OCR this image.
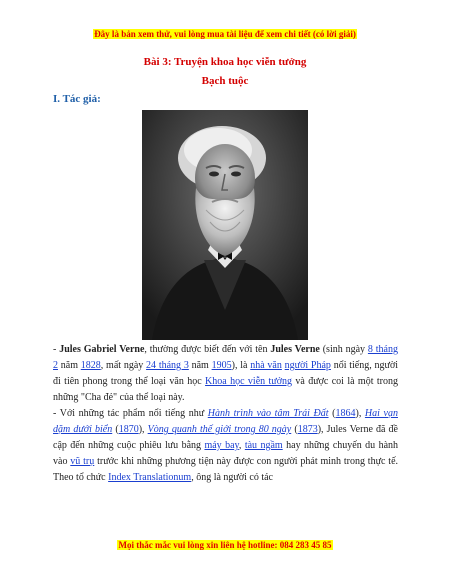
Đây là bản xem thử, vui lòng mua tài liệu để xem chi tiết (có lời giải)
Bài 3: Truyện khoa học viễn tưởng
Bạch tuộc
I. Tác giả:

- Jules Gabriel Verne, thường được biết đến với tên Jules Verne (sinh ngày 8 tháng 2 năm 1828, mất ngày 24 tháng 3 năm 1905), là nhà văn người Pháp nổi tiếng, người đi tiên phong trong thể loại văn học Khoa học viễn tưởng và được coi là một trong những "Cha đẻ" của thể loại này.

- Với những tác phẩm nổi tiếng như Hành trình vào tâm Trái Đất (1864), Hai vạn dặm dưới biển (1870), Vòng quanh thế giới trong 80 ngày (1873), Jules Verne đã đề cập đến những cuộc phiêu lưu bằng máy bay, tàu ngầm hay những chuyến du hành vào vũ trụ trước khi những phương tiện này được con người phát minh trong thực tế. Theo tổ chức Index Translationum, ông là người có tác

Mọi thắc mắc vui lòng xin liên hệ hotline: 084 283 45 85
